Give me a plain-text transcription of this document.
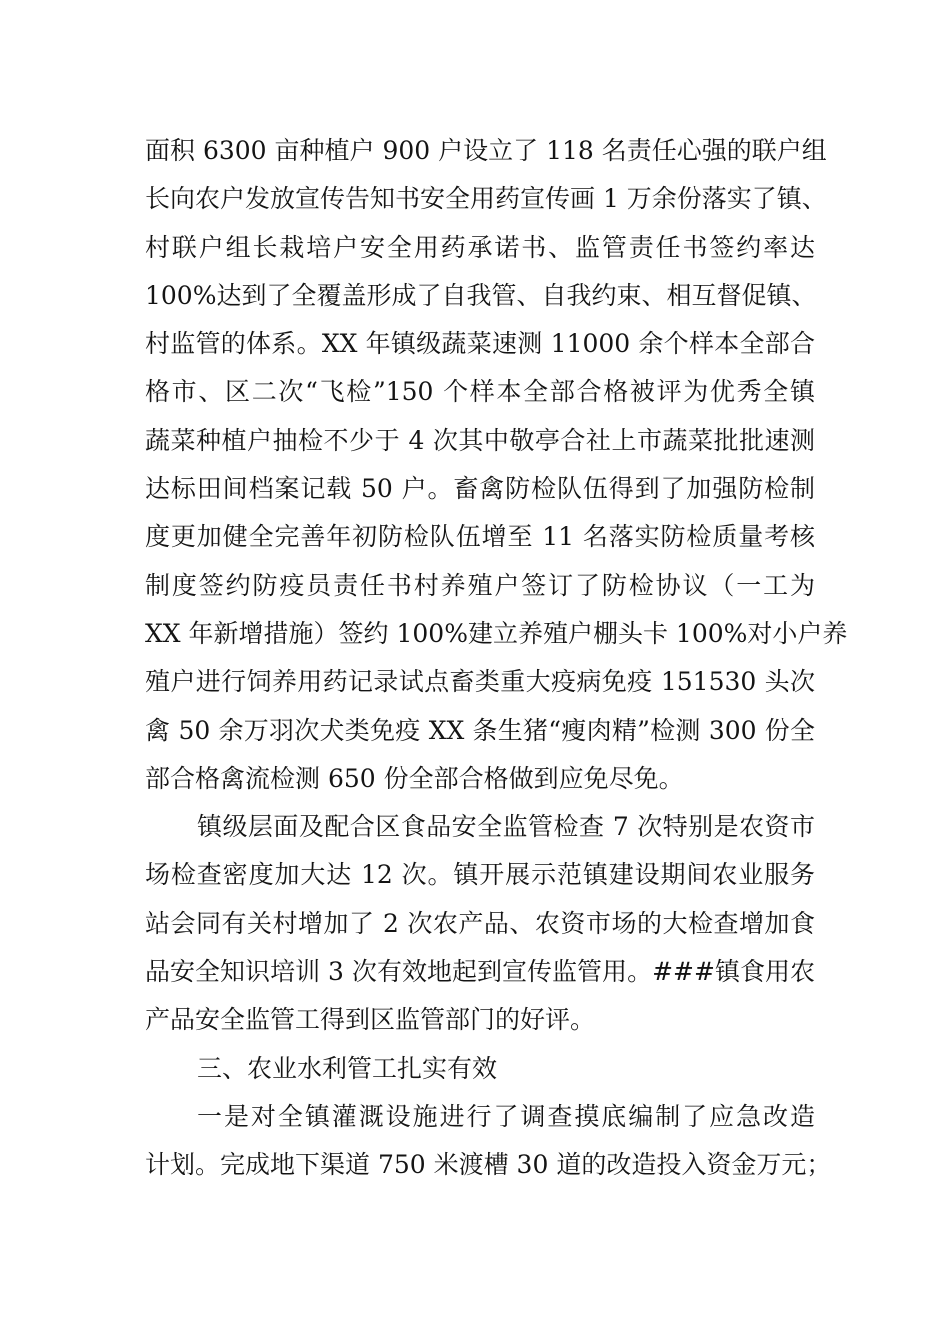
面积 6300 亩种植户 900 户设立了 118 名责任心强的联户组
长向农户发放宣传告知书安全用药宣传画 1 万余份落实了镇、
村联户组长栽培户安全用药承诺书、监管责任书签约率达
100%达到了全覆盖形成了自我管、自我约束、相互督促镇、
村监管的体系。XX 年镇级蔬菜速测 11000 余个样本全部合
格市、区二次“飞检”150 个样本全部合格被评为优秀全镇
蔬菜种植户抽检不少于 4 次其中敬亭合社上市蔬菜批批速测
达标田间档案记载 50 户。畜禽防检队伍得到了加强防检制
度更加健全完善年初防检队伍增至 11 名落实防检质量考核
制度签约防疫员责任书村养殖户签订了防检协议（一工为
XX 年新增措施）签约 100%建立养殖户棚头卡 100%对小户养
殖户进行饲养用药记录试点畜类重大疫病免疫 151530 头次
禽 50 余万羽次犬类免疫 XX 条生猪“瘦肉精”检测 300 份全
部合格禽流检测 650 份全部合格做到应免尽免。
镇级层面及配合区食品安全监管检查 7 次特别是农资市
场检查密度加大达 12 次。镇开展示范镇建设期间农业服务
站会同有关村增加了 2 次农产品、农资市场的大检查增加食
品安全知识培训 3 次有效地起到宣传监管用。###镇食用农
产品安全监管工得到区监管部门的好评。
三、农业水利管工扎实有效
一是对全镇灌溉设施进行了调查摸底编制了应急改造
计划。完成地下渠道 750 米渡槽 30 道的改造投入资金万元；
